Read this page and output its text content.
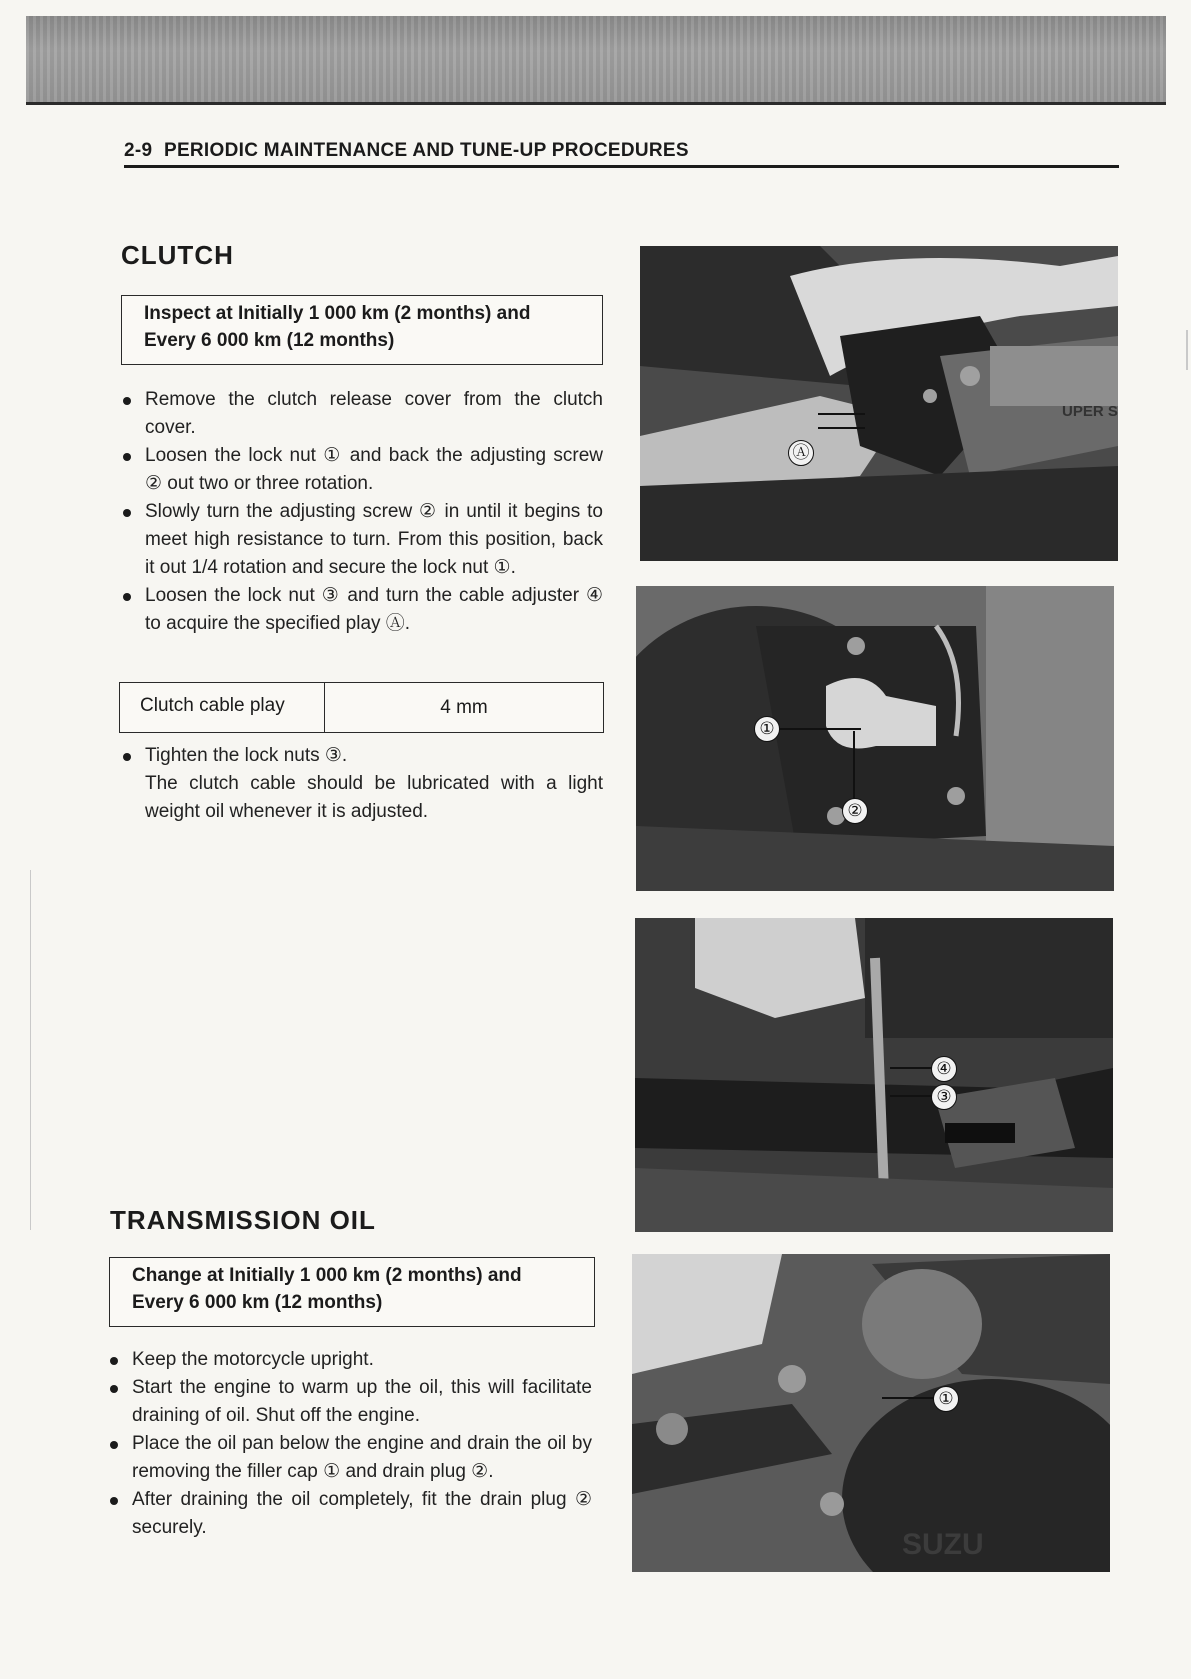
2-9 PERIODIC MAINTENANCE AND TUNE-UP PROCEDURES
CLUTCH
Inspect at Initially 1 000 km (2 months) and
Every 6 000 km (12 months)
Remove the clutch release cover from the clutch cover.
Loosen the lock nut ① and back the adjusting screw ② out two or three rotation.
Slowly turn the adjusting screw ② in until it begins to meet high resistance to turn. From this position, back it out 1/4 rotation and secure the lock nut ①.
Loosen the lock nut ③ and turn the cable adjuster ④ to acquire the specified play Ⓐ.
Clutch cable play	4 mm
Tighten the lock nuts ③.
The clutch cable should be lubricated with a light weight oil whenever it is adjusted.
TRANSMISSION OIL
Change at Initially 1 000 km (2 months) and
Every 6 000 km (12 months)
Keep the motorcycle upright.
Start the engine to warm up the oil, this will facilitate draining of oil. Shut off the engine.
Place the oil pan below the engine and drain the oil by removing the filler cap ① and drain plug ②.
After draining the oil completely, fit the drain plug ② securely.
UPER S
Ⓐ
①
②
④
③
SUZU
①
